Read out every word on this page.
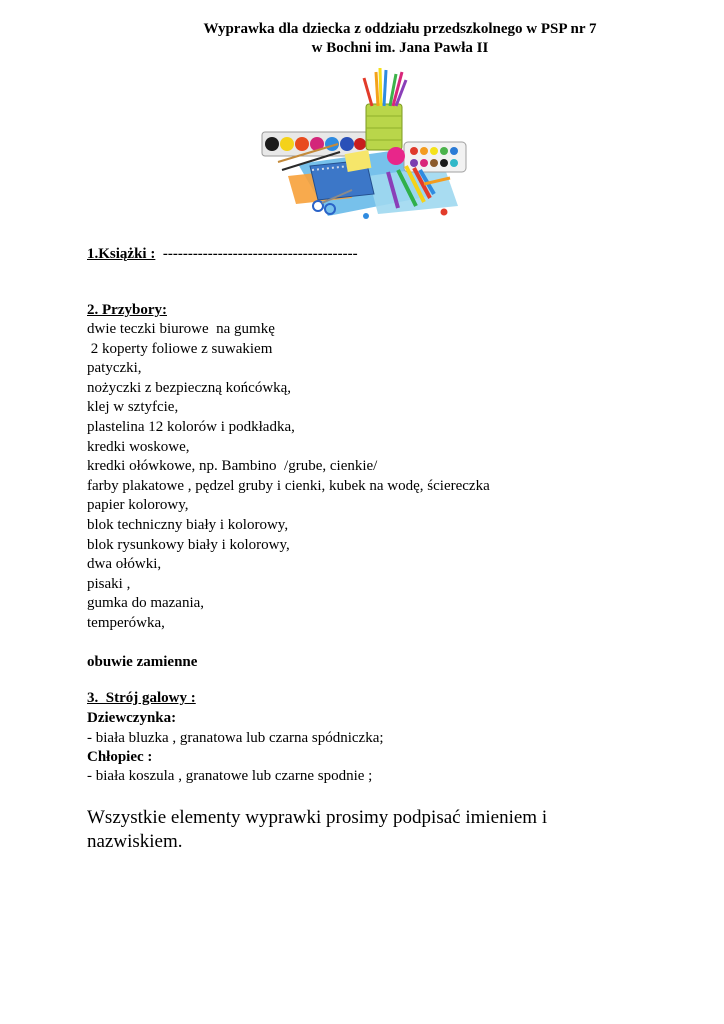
Wyprawka dla dziecka z oddziału przedszkolnego w PSP nr 7
w Bochni im. Jana Pawła II
1.Książki :  ---------------------------------------
2. Przybory:
dwie teczki biurowe  na gumkę
2 koperty foliowe z suwakiem
patyczki,
nożyczki z bezpieczną końcówką,
klej w sztyfcie,
plastelina 12 kolorów i podkładka,
kredki woskowe,
kredki ołówkowe, np. Bambino  /grube, cienkie/
farby plakatowe , pędzel gruby i cienki, kubek na wodę, ściereczka
papier kolorowy,
blok techniczny biały i kolorowy,
blok rysunkowy biały i kolorowy,
dwa ołówki,
pisaki ,
gumka do mazania,
temperówka,
obuwie zamienne
3.  Strój galowy :
Dziewczynka:
- biała bluzka , granatowa lub czarna spódniczka;
Chłopiec :
- biała koszula , granatowe lub czarne spodnie ;
Wszystkie elementy wyprawki prosimy podpisać imieniem i nazwiskiem.
